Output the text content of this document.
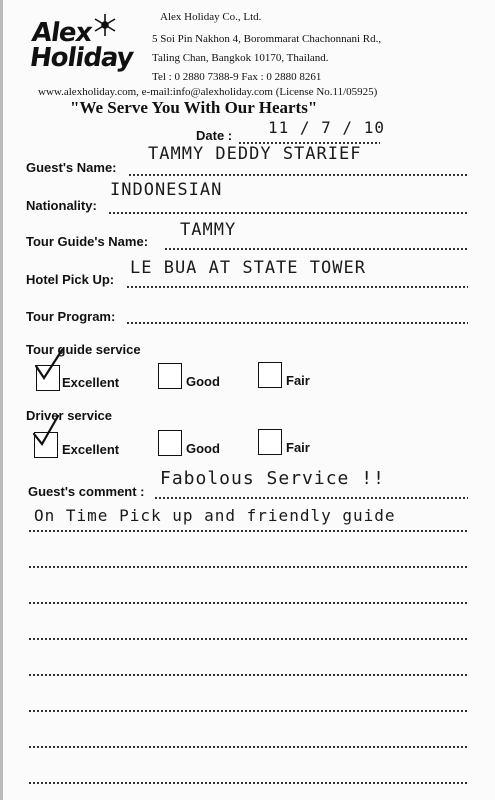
Alex
Holiday
Alex Holiday Co., Ltd.
5 Soi Pin Nakhon 4, Borommarat Chachonnani Rd.,
Taling Chan, Bangkok 10170, Thailand.
Tel : 0 2880 7388-9 Fax : 0 2880 8261
www.alexholiday.com, e-mail:info@alexholiday.com (License No.11/05925)
"We Serve You With Our Hearts"
Date : 11 / 7 / 10
Guest's Name:
TAMMY DEDDY STARIEF
Nationality:
INDONESIAN
Tour Guide's Name:
TAMMY
Hotel Pick Up:
LE BUA AT STATE TOWER
Tour Program:
Tour guide service
Excellent	Good	Fair
Driver service
Excellent	Good	Fair
Guest's comment :
Fabolous Service !!
On Time Pick up and friendly guide
